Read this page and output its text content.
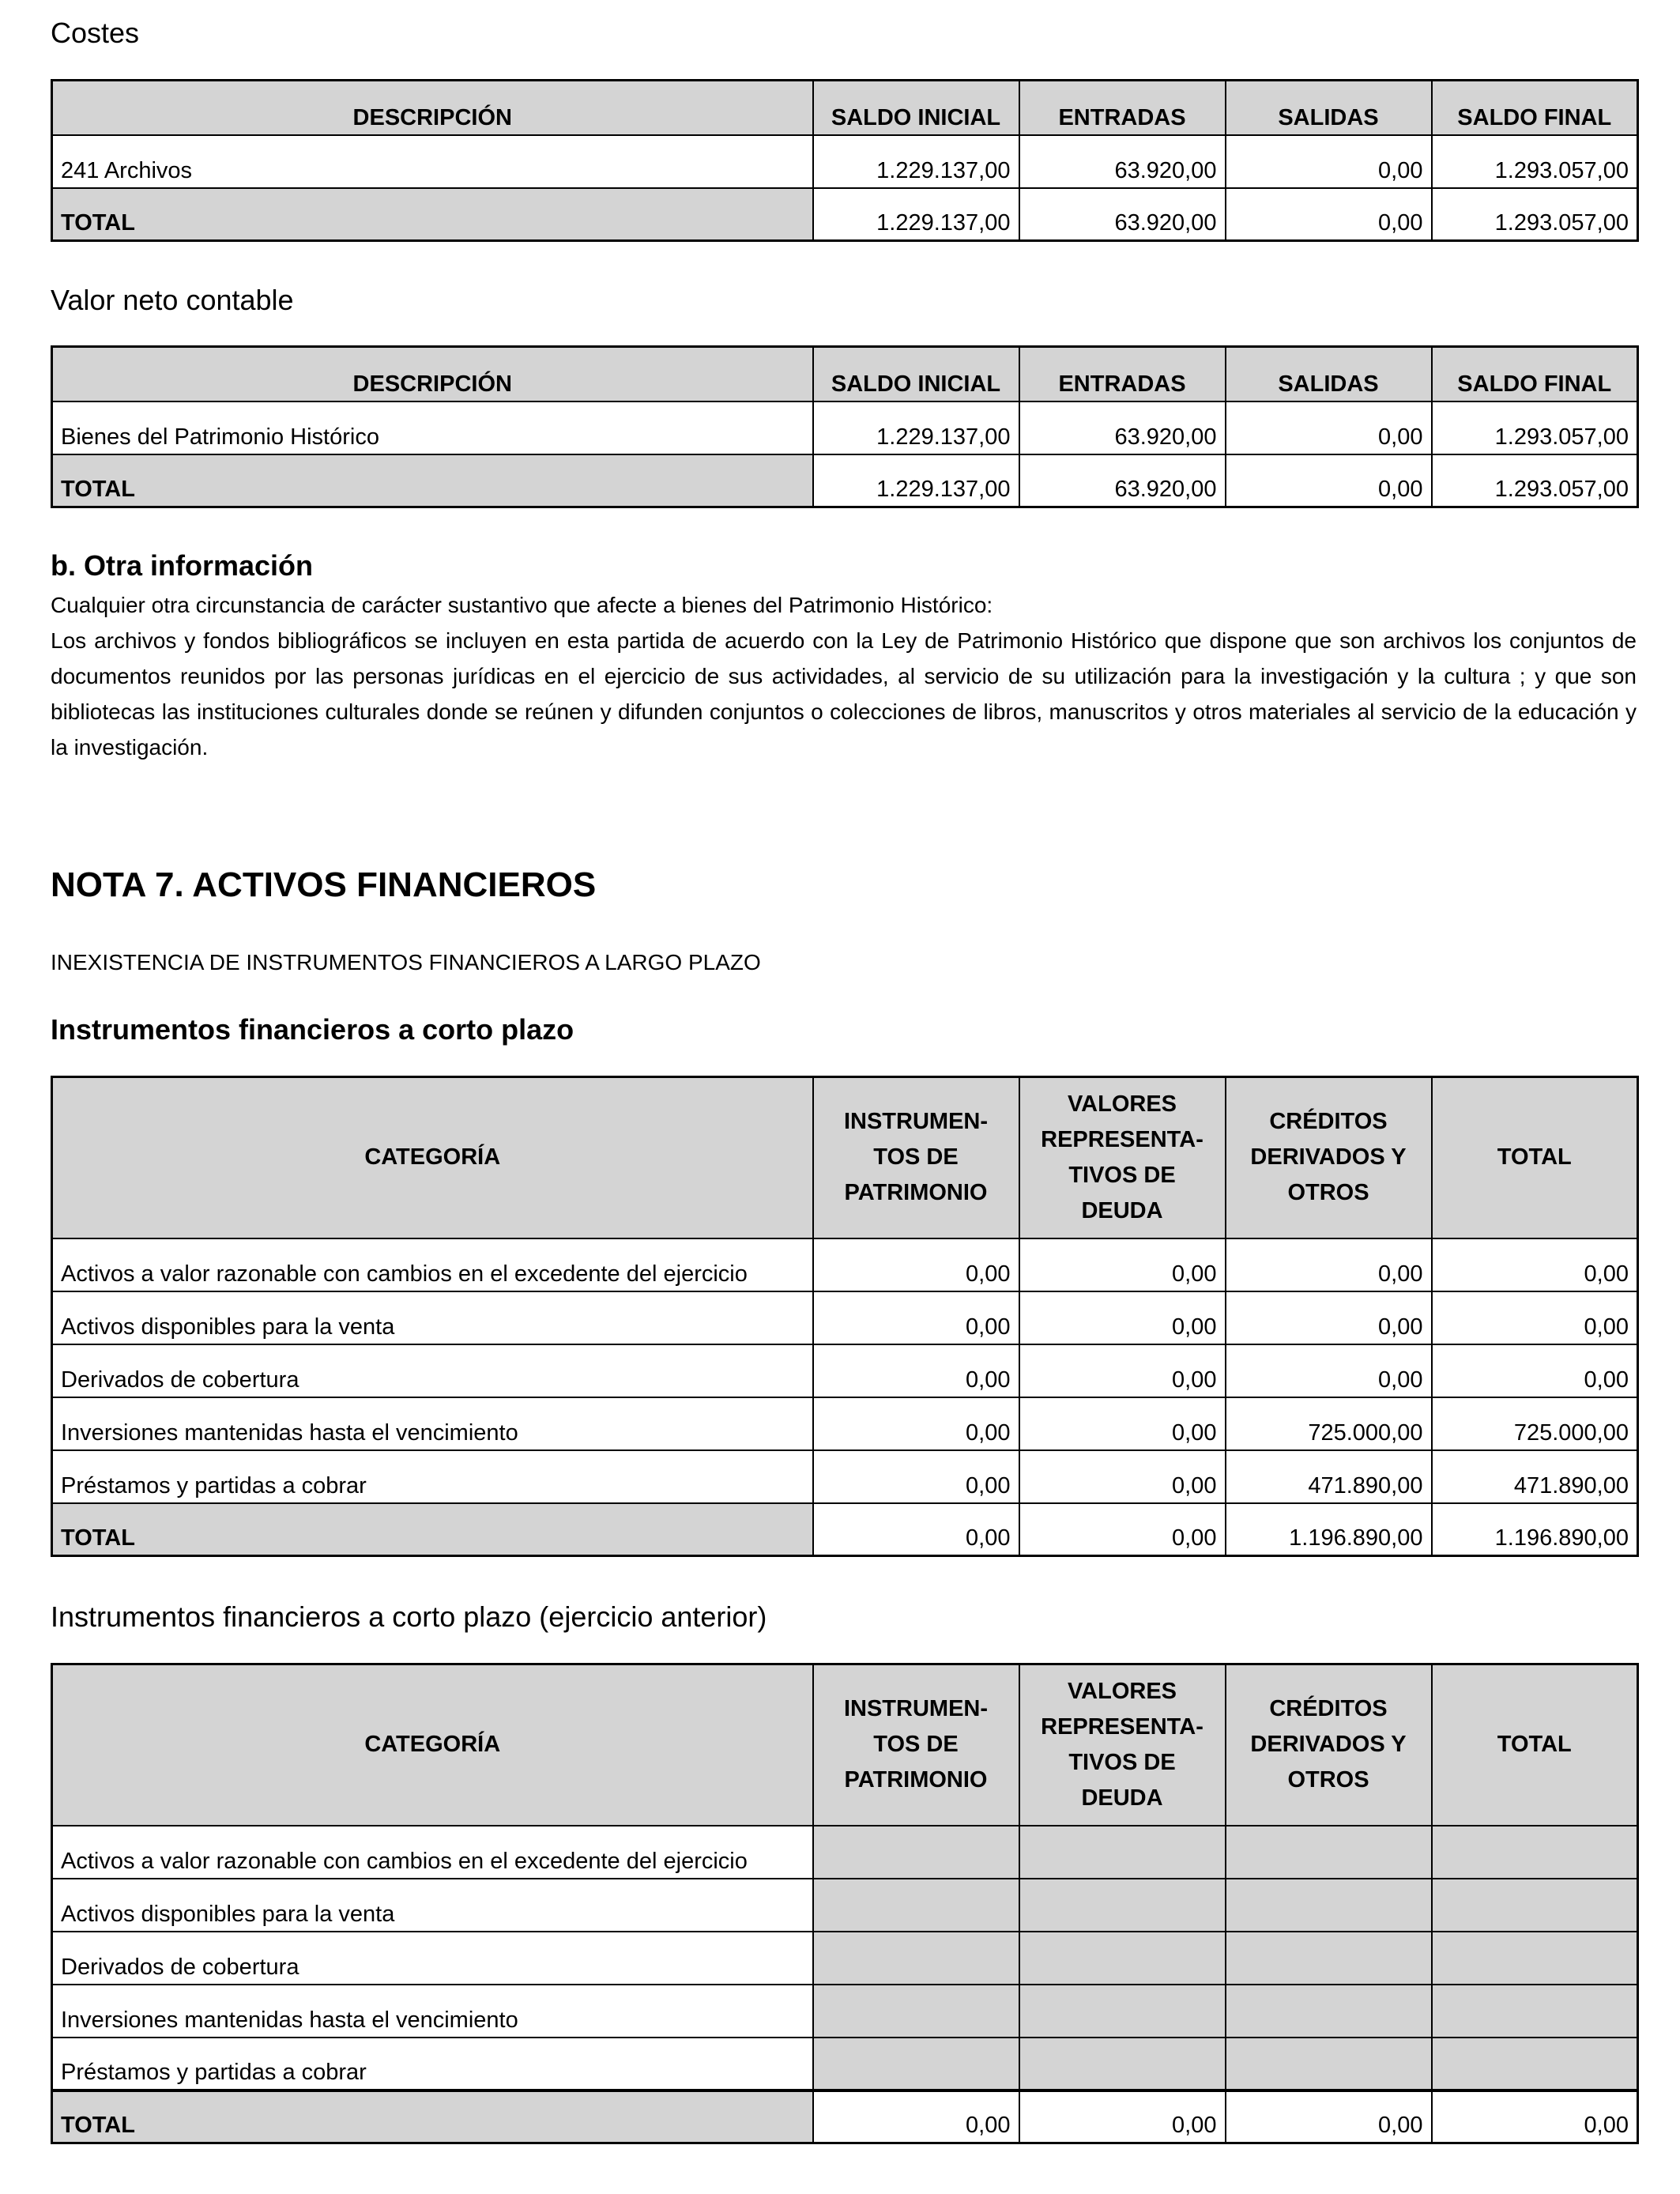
Costes
DESCRIPCIÓN	SALDO INICIAL	ENTRADAS	SALIDAS	SALDO FINAL
241 Archivos	1.229.137,00	63.920,00	0,00	1.293.057,00
TOTAL	1.229.137,00	63.920,00	0,00	1.293.057,00
Valor neto contable
DESCRIPCIÓN	SALDO INICIAL	ENTRADAS	SALIDAS	SALDO FINAL
Bienes del Patrimonio Histórico	1.229.137,00	63.920,00	0,00	1.293.057,00
TOTAL	1.229.137,00	63.920,00	0,00	1.293.057,00
b. Otra información
Cualquier otra circunstancia de carácter sustantivo que afecte a bienes del Patrimonio Histórico:
Los archivos y fondos bibliográficos se incluyen en esta partida de acuerdo con la Ley de Patrimonio Histórico que dispone que son archivos los conjuntos de documentos reunidos por las personas jurídicas en el ejercicio de sus actividades, al servicio de su utilización para la investigación y la cultura ; y que son bibliotecas las instituciones culturales donde se reúnen y difunden conjuntos o colecciones de libros, manuscritos y otros materiales al servicio de la educación y la investigación.
NOTA 7. ACTIVOS FINANCIEROS
INEXISTENCIA DE INSTRUMENTOS FINANCIEROS A LARGO PLAZO
Instrumentos financieros a corto plazo
CATEGORÍA	INSTRUMEN-TOS DE PATRIMONIO	VALORES REPRESENTA-TIVOS DE DEUDA	CRÉDITOS DERIVADOS Y OTROS	TOTAL
Activos a valor razonable con cambios en el excedente del ejercicio	0,00	0,00	0,00	0,00
Activos disponibles para la venta	0,00	0,00	0,00	0,00
Derivados de cobertura	0,00	0,00	0,00	0,00
Inversiones mantenidas hasta el vencimiento	0,00	0,00	725.000,00	725.000,00
Préstamos y partidas a cobrar	0,00	0,00	471.890,00	471.890,00
TOTAL	0,00	0,00	1.196.890,00	1.196.890,00
Instrumentos financieros a corto plazo (ejercicio anterior)
CATEGORÍA	INSTRUMEN-TOS DE PATRIMONIO	VALORES REPRESENTA-TIVOS DE DEUDA	CRÉDITOS DERIVADOS Y OTROS	TOTAL
Activos a valor razonable con cambios en el excedente del ejercicio				
Activos disponibles para la venta				
Derivados de cobertura				
Inversiones mantenidas hasta el vencimiento				
Préstamos y partidas a cobrar				
TOTAL	0,00	0,00	0,00	0,00
